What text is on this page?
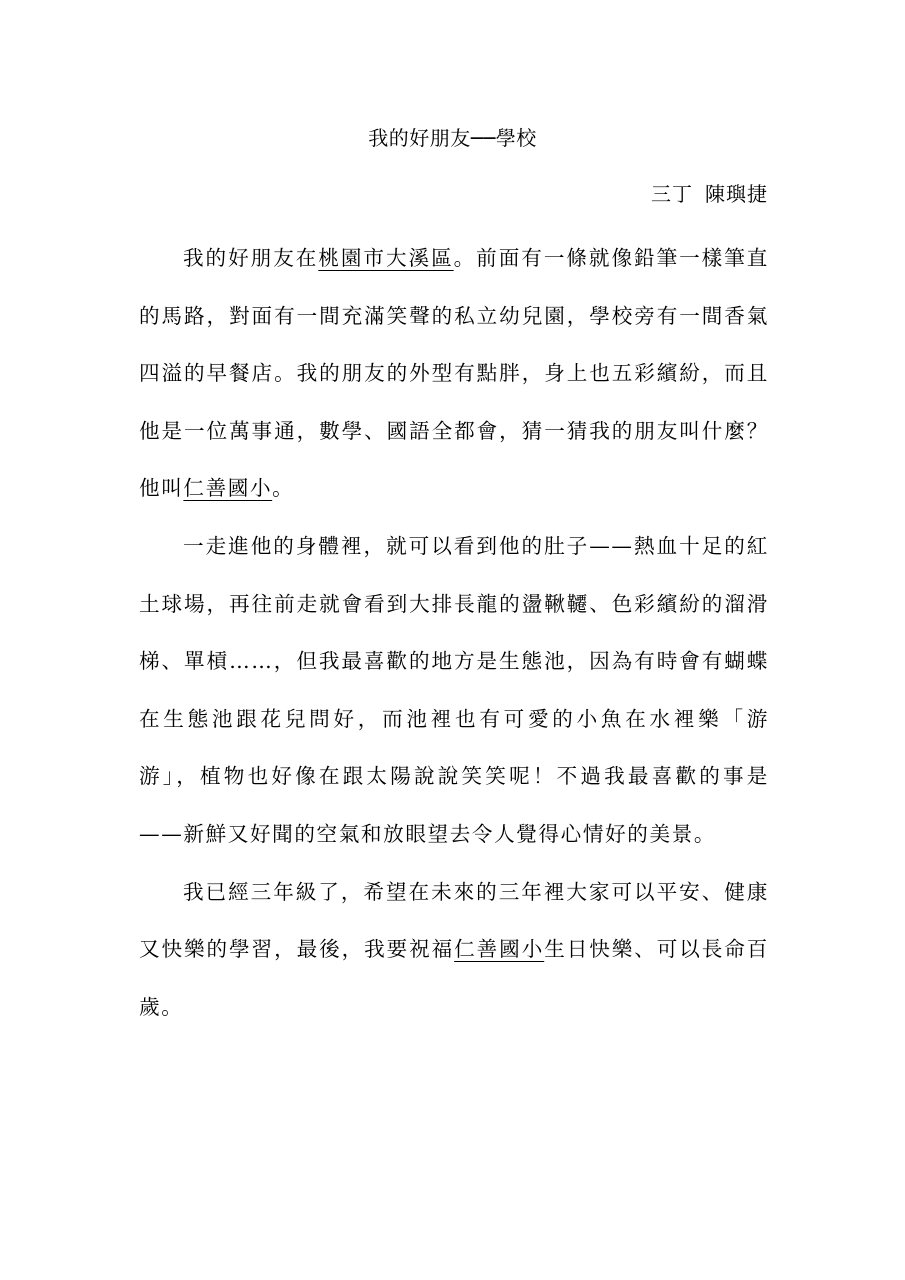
我的好朋友──學校
三丁 陳璵捷

我的好朋友在桃園市大溪區。前面有一條就像鉛筆一樣筆直的馬路，對面有一間充滿笑聲的私立幼兒園，學校旁有一間香氣四溢的早餐店。我的朋友的外型有點胖，身上也五彩繽紛，而且他是一位萬事通，數學、國語全都會，猜一猜我的朋友叫什麼？他叫仁善國小。

一走進他的身體裡，就可以看到他的肚子——熱血十足的紅土球場，再往前走就會看到大排長龍的盪鞦韆、色彩繽紛的溜滑梯、單槓……，但我最喜歡的地方是生態池，因為有時會有蝴蝶在生態池跟花兒問好，而池裡也有可愛的小魚在水裡樂「游游」，植物也好像在跟太陽說說笑笑呢！不過我最喜歡的事是——新鮮又好聞的空氣和放眼望去令人覺得心情好的美景。

我已經三年級了，希望在未來的三年裡大家可以平安、健康又快樂的學習，最後，我要祝福仁善國小生日快樂、可以長命百歲。
